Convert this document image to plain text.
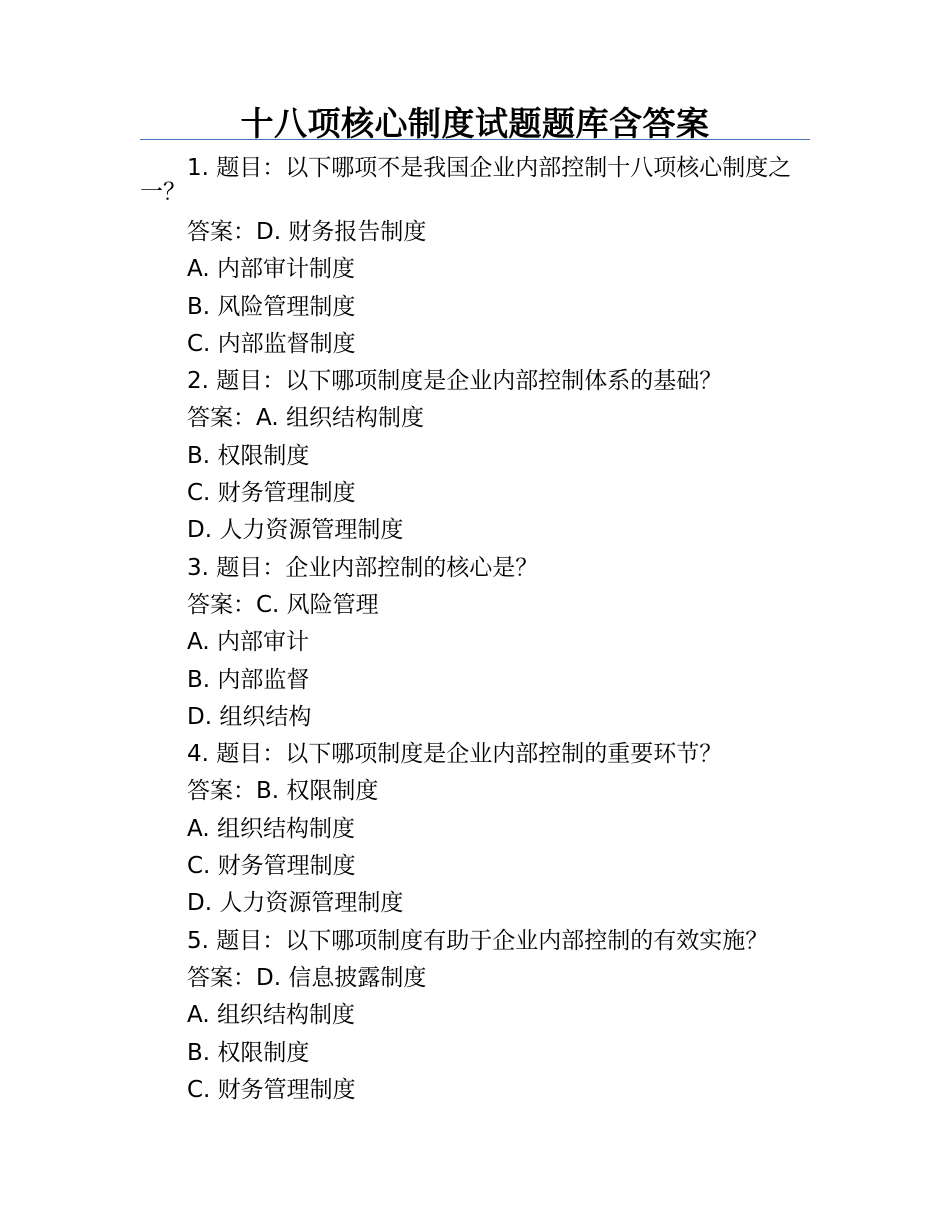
十八项核心制度试题题库含答案
1. 题目：以下哪项不是我国企业内部控制十八项核心制度之一？
答案：D. 财务报告制度
A. 内部审计制度
B. 风险管理制度
C. 内部监督制度
2. 题目：以下哪项制度是企业内部控制体系的基础？
答案：A. 组织结构制度
B. 权限制度
C. 财务管理制度
D. 人力资源管理制度
3. 题目：企业内部控制的核心是？
答案：C. 风险管理
A. 内部审计
B. 内部监督
D. 组织结构
4. 题目：以下哪项制度是企业内部控制的重要环节？
答案：B. 权限制度
A. 组织结构制度
C. 财务管理制度
D. 人力资源管理制度
5. 题目：以下哪项制度有助于企业内部控制的有效实施？
答案：D. 信息披露制度
A. 组织结构制度
B. 权限制度
C. 财务管理制度
